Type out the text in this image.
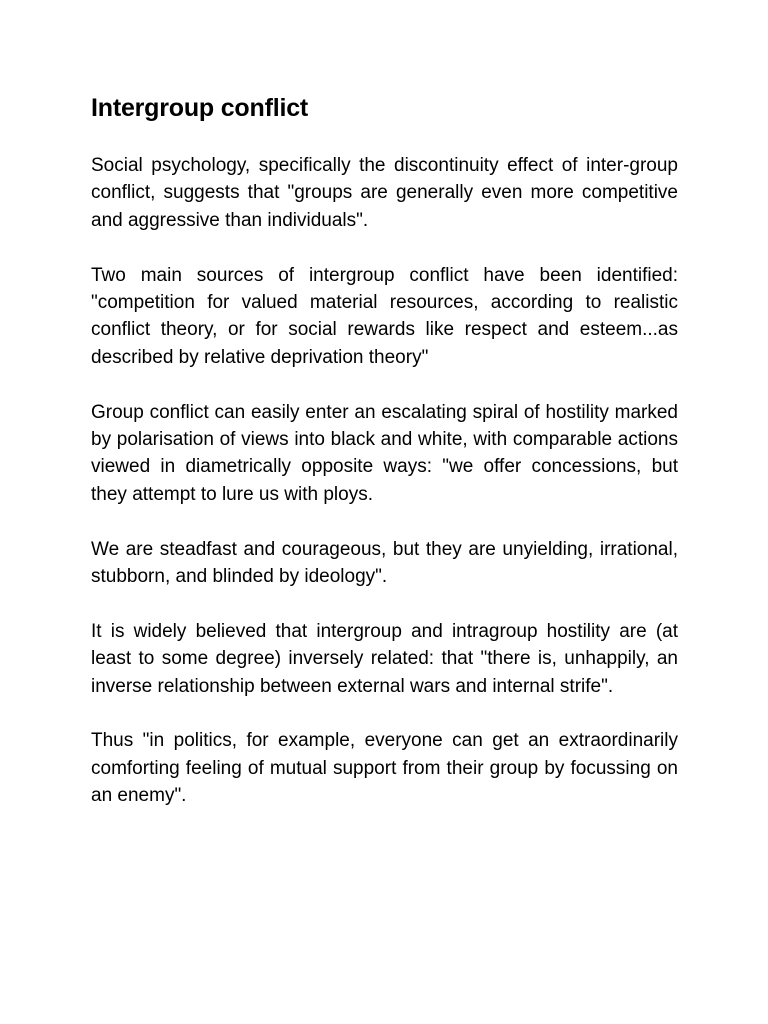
Intergroup conflict

Social psychology, specifically the discontinuity effect of inter-group conflict, suggests that "groups are generally even more competitive and aggressive than individuals".

Two main sources of intergroup conflict have been identified: "competition for valued material resources, according to realistic conflict theory, or for social rewards like respect and esteem...as described by relative deprivation theory"

Group conflict can easily enter an escalating spiral of hostility marked by polarisation of views into black and white, with comparable actions viewed in diametrically opposite ways: "we offer concessions, but they attempt to lure us with ploys.

We are steadfast and courageous, but they are unyielding, irrational, stubborn, and blinded by ideology".

It is widely believed that intergroup and intragroup hostility are (at least to some degree) inversely related: that "there is, unhappily, an inverse relationship between external wars and internal strife".

Thus "in politics, for example, everyone can get an extraordinarily comforting feeling of mutual support from their group by focussing on an enemy".
